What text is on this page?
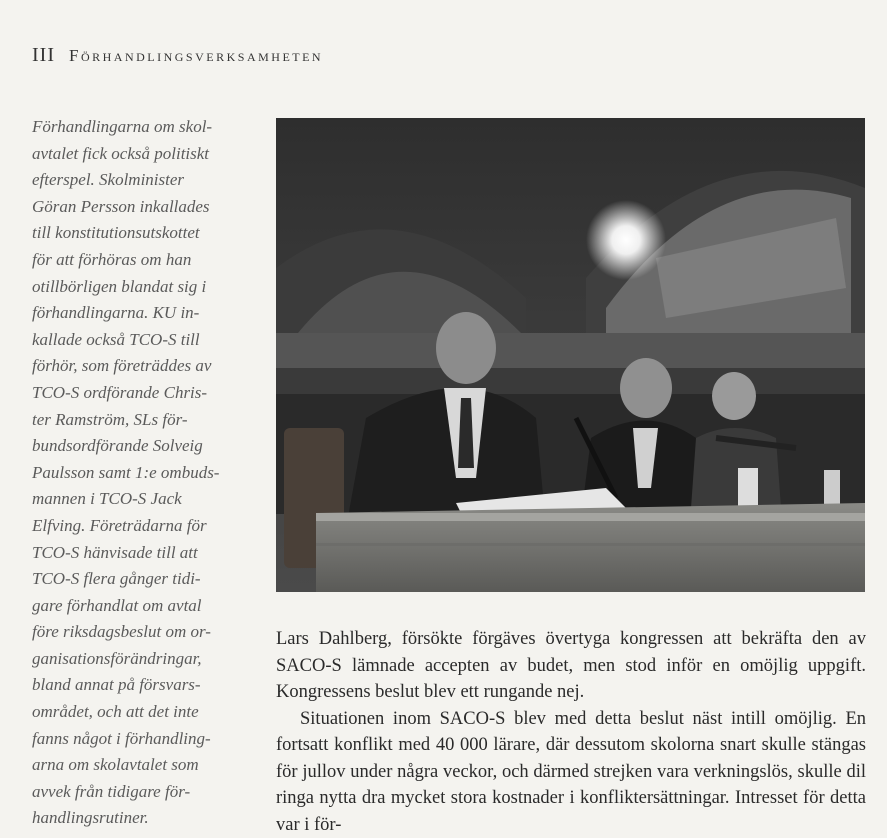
III Förhandlingsverksamheten
Förhandlingarna om skol-
avtalet fick också politiskt
efterspel. Skolminister
Göran Persson inkallades
till konstitutionsutskottet
för att förhöras om han
otillbörligen blandat sig i
förhandlingarna. KU in-
kallade också TCO-S till
förhör, som företräddes av
TCO-S ordförande Chris-
ter Ramström, SLs för-
bundsordförande Solveig
Paulsson samt 1:e ombuds-
mannen i TCO-S Jack
Elfving. Företrädarna för
TCO-S hänvisade till att
TCO-S flera gånger tidi-
gare förhandlat om avtal
före riksdagsbeslut om or-
ganisationsförändringar,
bland annat på försvars-
området, och att det inte
fanns något i förhandling-
arna om skolavtalet som
avvek från tidigare för-
handlingsrutiner.

Lars Dahlberg, försökte förgäves övertyga kongressen att bekräfta den av SACO-S lämnade accepten av budet, men stod inför en omöjlig uppgift. Kongressens beslut blev ett rungande nej.

Situationen inom SACO-S blev med detta beslut näst intill omöjlig. En fortsatt konflikt med 40 000 lärare, där dessutom skolorna snart skulle stängas för jullov under några veckor, och därmed strejken vara verkningslös, skulle dil ringa nytta dra mycket stora kostnader i konfliktersättningar. Intresset för detta var i för-
